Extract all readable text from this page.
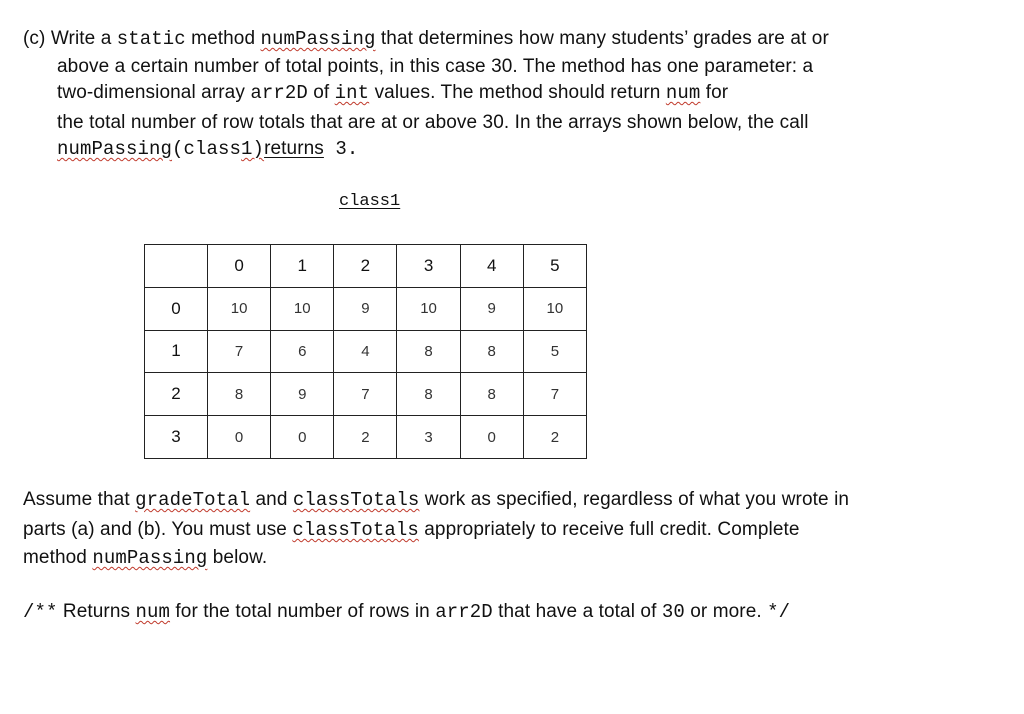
(c) Write a static method numPassing that determines how many students’ grades are at or
above a certain number of total points, in this case 30. The method has one parameter: a
two-dimensional array arr2D of int values. The method should return num for
the total number of row totals that are at or above 30. In the arrays shown below, the call
numPassing(class1)returns 3.
class1
	0	1	2	3	4	5
0	10	10	9	10	9	10
1	7	6	4	8	8	5
2	8	9	7	8	8	7
3	0	0	2	3	0	2
Assume that gradeTotal and classTotals work as specified, regardless of what you wrote in
parts (a) and (b). You must use classTotals appropriately to receive full credit. Complete
method numPassing below.
/** Returns num for the total number of rows in arr2D that have a total of 30 or more. */
